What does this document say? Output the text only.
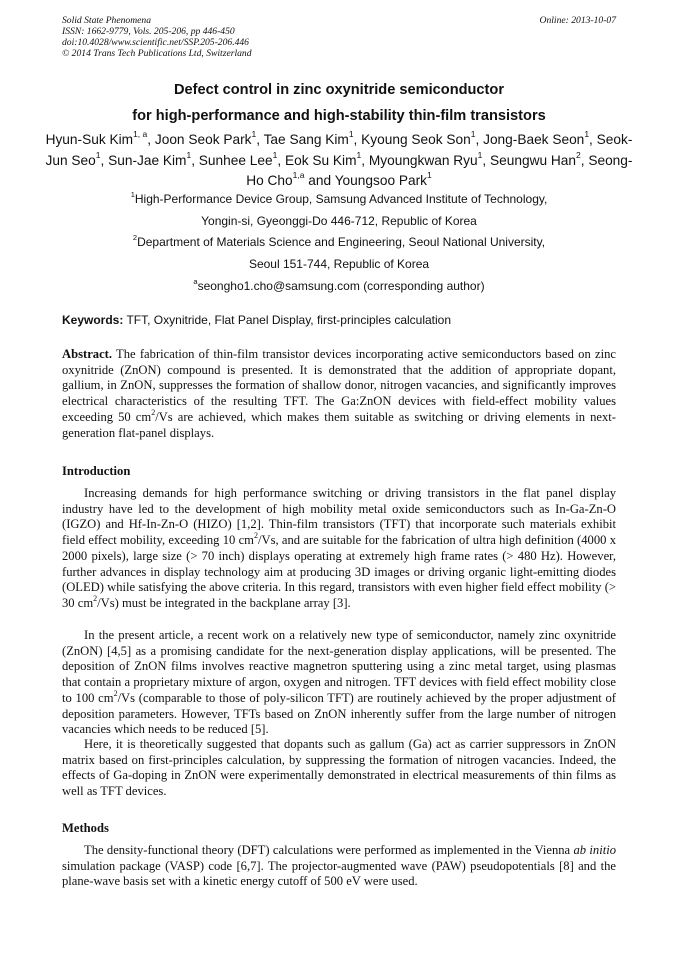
Solid State Phenomena
ISSN: 1662-9779, Vols. 205-206, pp 446-450
doi:10.4028/www.scientific.net/SSP.205-206.446
© 2014 Trans Tech Publications Ltd, Switzerland
Online: 2013-10-07
Defect control in zinc oxynitride semiconductor
for high-performance and high-stability thin-film transistors
Hyun-Suk Kim$^{1, a}$, Joon Seok Park$^1$, Tae Sang Kim$^1$, Kyoung Seok Son$^1$, Jong-Baek Seon$^1$, Seok-Jun Seo$^1$, Sun-Jae Kim$^1$, Sunhee Lee$^1$, Eok Su Kim$^1$, Myoungkwan Ryu$^1$, Seungwu Han$^2$, Seong-Ho Cho$^{1,a}$ and Youngsoo Park$^1$
$^1$High-Performance Device Group, Samsung Advanced Institute of Technology,
Yongin-si, Gyeonggi-Do 446-712, Republic of Korea
$^2$Department of Materials Science and Engineering, Seoul National University,
Seoul 151-744, Republic of Korea
$^a$seongho1.cho@samsung.com (corresponding author)
Keywords: TFT, Oxynitride, Flat Panel Display, first-principles calculation

Abstract. The fabrication of thin-film transistor devices incorporating active semiconductors based on zinc oxynitride (ZnON) compound is presented. It is demonstrated that the addition of appropriate dopant, gallium, in ZnON, suppresses the formation of shallow donor, nitrogen vacancies, and significantly improves electrical characteristics of the resulting TFT. The Ga:ZnON devices with field-effect mobility values exceeding 50 $cm^2/Vs$ are achieved, which makes them suitable as switching or driving elements in next-generation flat-panel displays.

Introduction

Increasing demands for high performance switching or driving transistors in the flat panel display industry have led to the development of high mobility metal oxide semiconductors such as In-Ga-Zn-O (IGZO) and Hf-In-Zn-O (HIZO) [1,2]. Thin-film transistors (TFT) that incorporate such materials exhibit field effect mobility, exceeding 10 $cm^2/Vs$, and are suitable for the fabrication of ultra high definition (4000 x 2000 pixels), large size (> 70 inch) displays operating at extremely high frame rates (> 480 Hz). However, further advances in display technology aim at producing 3D images or driving organic light-emitting diodes (OLED) while satisfying the above criteria. In this regard, transistors with even higher field effect mobility (> 30 $cm^2/Vs$) must be integrated in the backplane array [3].

In the present article, a recent work on a relatively new type of semiconductor, namely zinc oxynitride (ZnON) [4,5] as a promising candidate for the next-generation display applications, will be presented. The deposition of ZnON films involves reactive magnetron sputtering using a zinc metal target, using plasmas that contain a proprietary mixture of argon, oxygen and nitrogen. TFT devices with field effect mobility close to 100 $cm^2/Vs$ (comparable to those of poly-silicon TFT) are routinely achieved by the proper adjustment of deposition parameters. However, TFTs based on ZnON inherently suffer from the large number of nitrogen vacancies which needs to be reduced [5].

Here, it is theoretically suggested that dopants such as gallum (Ga) act as carrier suppressors in ZnON matrix based on first-principles calculation, by suppressing the formation of nitrogen vacancies. Indeed, the effects of Ga-doping in ZnON were experimentally demonstrated in electrical measurements of thin films as well as TFT devices.

Methods

The density-functional theory (DFT) calculations were performed as implemented in the Vienna ab initio simulation package (VASP) code [6,7]. The projector-augmented wave (PAW) pseudopotentials [8] and the plane-wave basis set with a kinetic energy cutoff of 500 eV were used.
